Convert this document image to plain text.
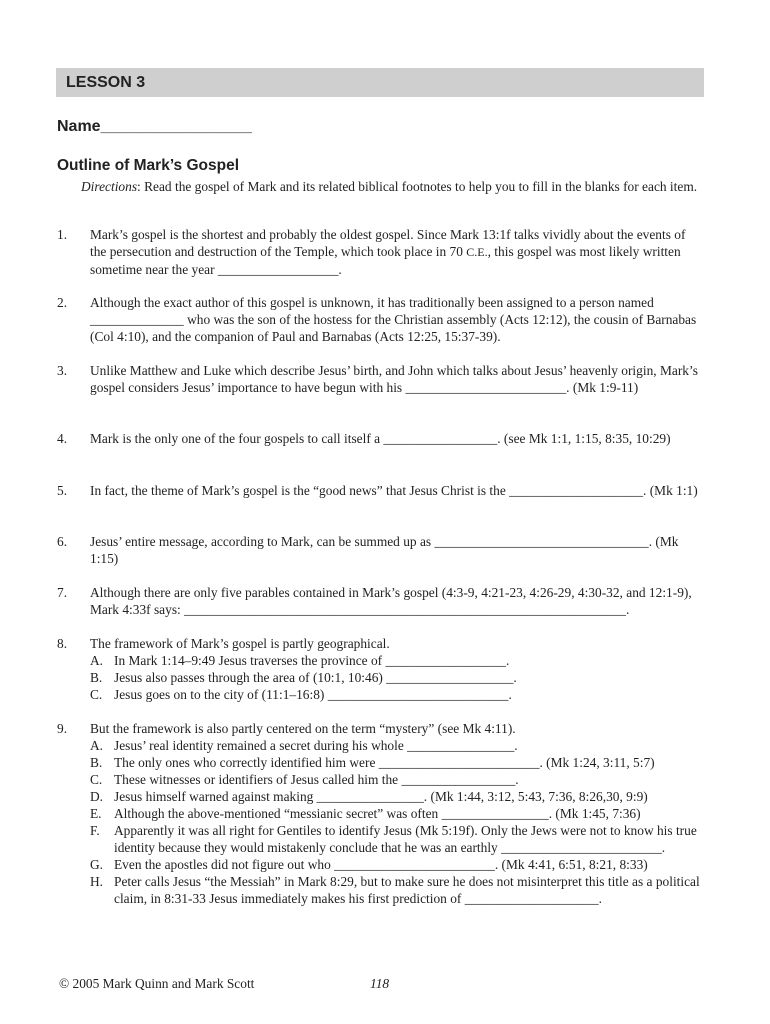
LESSON 3
Name_________________
Outline of Mark’s Gospel

Directions: Read the gospel of Mark and its related biblical footnotes to help you to fill in the blanks for each item.

1.	Mark’s gospel is the shortest and probably the oldest gospel. Since Mark 13:1f talks vividly about the events of the persecution and destruction of the Temple, which took place in 70 C.E., this gospel was most likely written sometime near the year __________________.
2.	Although the exact author of this gospel is unknown, it has traditionally been assigned to a person named ______________ who was the son of the hostess for the Christian assembly (Acts 12:12), the cousin of Barnabas (Col 4:10), and the companion of Paul and Barnabas (Acts 12:25, 15:37-39).
3.	Unlike Matthew and Luke which describe Jesus’ birth, and John which talks about Jesus’ heavenly origin, Mark’s gospel considers Jesus’ importance to have begun with his ________________________. (Mk 1:9-11)
4.	Mark is the only one of the four gospels to call itself a _________________. (see Mk 1:1, 1:15, 8:35, 10:29)
5.	In fact, the theme of Mark’s gospel is the “good news” that Jesus Christ is the ____________________. (Mk 1:1)
6.	Jesus’ entire message, according to Mark, can be summed up as ________________________________. (Mk 1:15)
7.	Although there are only five parables contained in Mark’s gospel (4:3-9, 4:21-23, 4:26-29, 4:30-32, and 12:1-9), Mark 4:33f says: __________________________________________________________________.
8.	The framework of Mark’s gospel is partly geographical.
A. In Mark 1:14–9:49 Jesus traverses the province of __________________.
B. Jesus also passes through the area of (10:1, 10:46) ___________________.
C. Jesus goes on to the city of (11:1–16:8) ___________________________.
9.	But the framework is also partly centered on the term “mystery” (see Mk 4:11).
A. Jesus’ real identity remained a secret during his whole ________________.
B. The only ones who correctly identified him were ________________________. (Mk 1:24, 3:11, 5:7)
C. These witnesses or identifiers of Jesus called him the _________________.
D. Jesus himself warned against making ________________. (Mk 1:44, 3:12, 5:43, 7:36, 8:26,30, 9:9)
E. Although the above-mentioned “messianic secret” was often ________________. (Mk 1:45, 7:36)
F. Apparently it was all right for Gentiles to identify Jesus (Mk 5:19f). Only the Jews were not to know his true identity because they would mistakenly conclude that he was an earthly ________________________.
G. Even the apostles did not figure out who ________________________. (Mk 4:41, 6:51, 8:21, 8:33)
H. Peter calls Jesus “the Messiah” in Mark 8:29, but to make sure he does not misinterpret this title as a political claim, in 8:31-33 Jesus immediately makes his first prediction of ____________________.
© 2005 Mark Quinn and Mark Scott	118
